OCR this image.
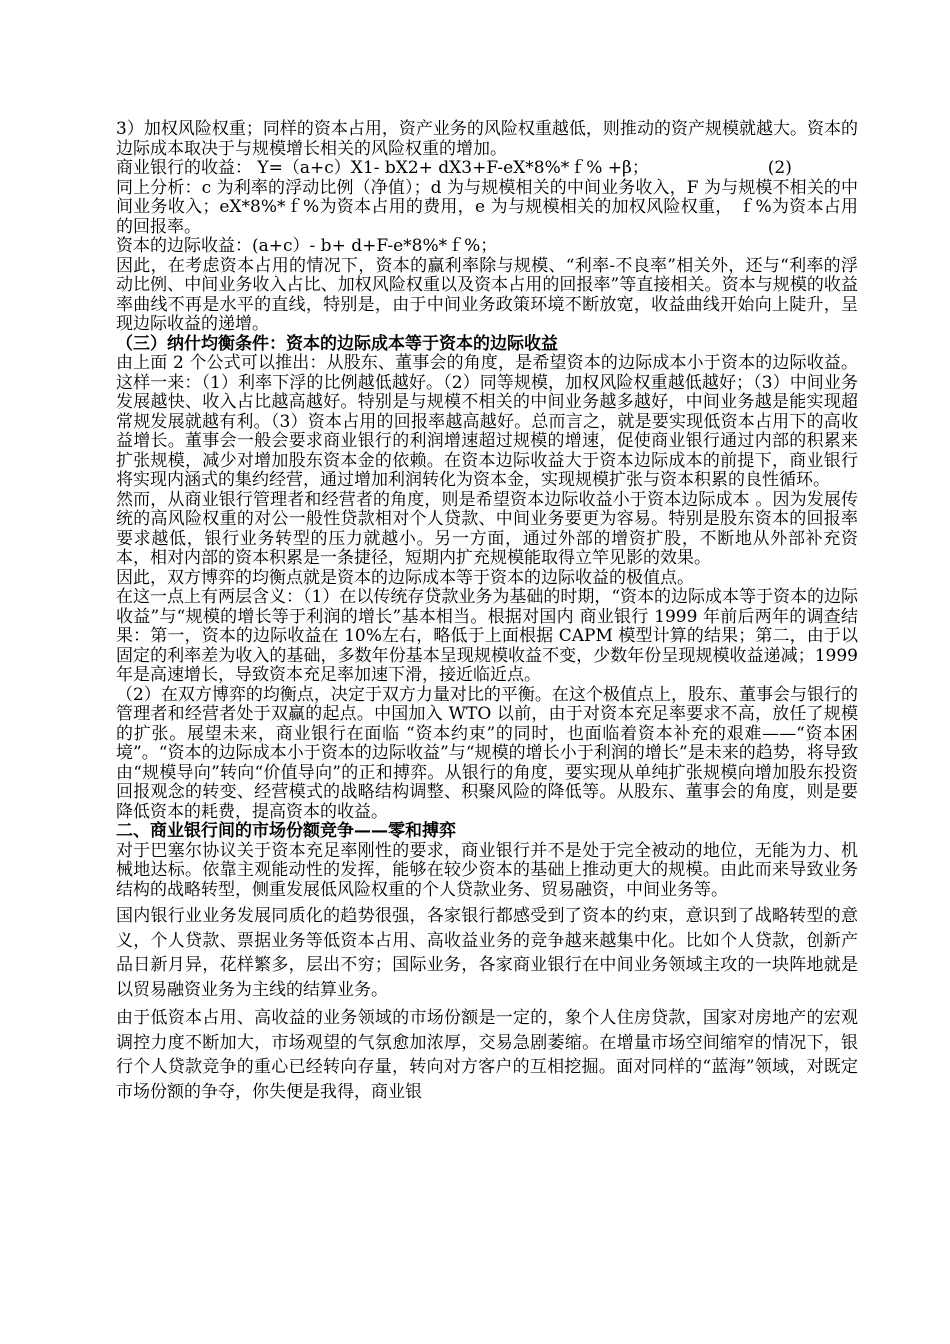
3）加权风险权重；同样的资本占用，资产业务的风险权重越低，则推动的资产规模就越大。资本的边际成本取决于与规模增长相关的风险权重的增加。

商业银行的收益： Y=（a+c）X1- bX2+ dX3+F-eX*8%*ｆ% +β；                      (2)

同上分析：c 为利率的浮动比例（净值）；d 为与规模相关的中间业务收入，F 为与规模不相关的中间业务收入；eX*8%*ｆ%为资本占用的费用，e 为与规模相关的加权风险权重， ｆ%为资本占用的回报率。

资本的边际收益：(a+c）- b+ d+F-e*8%*ｆ%；

因此，在考虑资本占用的情况下，资本的赢利率除与规模、“利率-不良率”相关外，还与“利率的浮动比例、中间业务收入占比、加权风险权重以及资本占用的回报率”等直接相关。资本与规模的收益率曲线不再是水平的直线，特别是，由于中间业务政策环境不断放宽，收益曲线开始向上陡升，呈现边际收益的递增。

（三）纳什均衡条件：资本的边际成本等于资本的边际收益

由上面 2 个公式可以推出：从股东、董事会的角度，是希望资本的边际成本小于资本的边际收益。这样一来：（1）利率下浮的比例越低越好。（2）同等规模，加权风险权重越低越好；（3）中间业务发展越快、收入占比越高越好。特别是与规模不相关的中间业务越多越好，中间业务越是能实现超常规发展就越有利。（3）资本占用的回报率越高越好。总而言之，就是要实现低资本占用下的高收益增长。董事会一般会要求商业银行的利润增速超过规模的增速，促使商业银行通过内部的积累来扩张规模，减少对增加股东资本金的依赖。在资本边际收益大于资本边际成本的前提下，商业银行将实现内涵式的集约经营，通过增加利润转化为资本金，实现规模扩张与资本积累的良性循环。

然而，从商业银行管理者和经营者的角度，则是希望资本边际收益小于资本边际成本 。因为发展传统的高风险权重的对公一般性贷款相对个人贷款、中间业务要更为容易。特别是股东资本的回报率要求越低，银行业务转型的压力就越小。另一方面，通过外部的增资扩股，不断地从外部补充资本，相对内部的资本积累是一条捷径，短期内扩充规模能取得立竿见影的效果。

因此，双方博弈的均衡点就是资本的边际成本等于资本的边际收益的极值点。

在这一点上有两层含义：（1）在以传统存贷款业务为基础的时期，“资本的边际成本等于资本的边际收益”与“规模的增长等于利润的增长”基本相当。根据对国内 商业银行 1999 年前后两年的调查结果：第一，资本的边际收益在 10%左右，略低于上面根据 CAPM 模型计算的结果；第二，由于以固定的利率差为收入的基础，多数年份基本呈现规模收益不变，少数年份呈现规模收益递减；1999 年是高速增长，导致资本充足率加速下滑，接近临近点。

（2）在双方博弈的均衡点，决定于双方力量对比的平衡。在这个极值点上，股东、董事会与银行的管理者和经营者处于双赢的起点。中国加入 WTO 以前，由于对资本充足率要求不高，放任了规模的扩张。展望未来，商业银行在面临 “资本约束”的同时，也面临着资本补充的艰难——“资本困境”。“资本的边际成本小于资本的边际收益”与“规模的增长小于利润的增长”是未来的趋势，将导致由“规模导向”转向“价值导向”的正和搏弈。从银行的角度，要实现从单纯扩张规模向增加股东投资回报观念的转变、经营模式的战略结构调整、积聚风险的降低等。从股东、董事会的角度，则是要降低资本的耗费，提高资本的收益。

二、商业银行间的市场份额竞争——零和搏弈

对于巴塞尔协议关于资本充足率刚性的要求，商业银行并不是处于完全被动的地位，无能为力、机械地达标。依靠主观能动性的发挥，能够在较少资本的基础上推动更大的规模。由此而来导致业务结构的战略转型，侧重发展低风险权重的个人贷款业务、贸易融资，中间业务等。

国内银行业业务发展同质化的趋势很强，各家银行都感受到了资本的约束，意识到了战略转型的意义，个人贷款、票据业务等低资本占用、高收益业务的竞争越来越集中化。比如个人贷款，创新产品日新月异，花样繁多，层出不穷；国际业务，各家商业银行在中间业务领域主攻的一块阵地就是以贸易融资业务为主线的结算业务。

由于低资本占用、高收益的业务领域的市场份额是一定的，象个人住房贷款，国家对房地产的宏观调控力度不断加大，市场观望的气氛愈加浓厚，交易急剧萎缩。在增量市场空间缩窄的情况下，银行个人贷款竞争的重心已经转向存量，转向对方客户的互相挖掘。面对同样的“蓝海”领域，对既定市场份额的争夺，你失便是我得，商业银
